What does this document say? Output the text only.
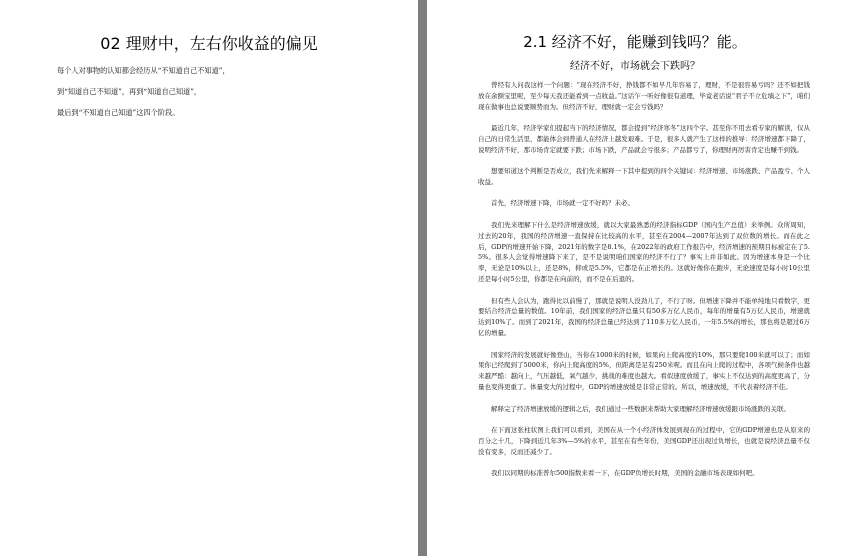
02 理财中，左右你收益的偏见
每个人对事物的认知都会经历从“不知道自己不知道”，
到“知道自己不知道”，再到“知道自己知道”，
最后到“不知道自己知道”这四个阶段。
2.1 经济不好，能赚到钱吗？能。
经济不好，市场就会下跌吗？

曾经有人问我这样一个问题：“现在经济不好，挣钱都不如早几年容易了，理财，不是很容易亏吗？还不如把钱放在余额宝里呢，至少每天我还能看到一点收益。”这话乍一听好像很有道理，毕竟老话说“君子不立危墙之下”，咱们现在做事也总说要顺势而为。但经济不好，理财就一定会亏钱吗？

最近几年，经济学家们提起当下的经济情况，都会提到“经济寒冬”这四个字。甚至你不用去看专家的解读，仅从自己的日常生活里，都能体会到普通人在经济上越发艰难。于是，很多人就产生了这样的推导：经济增速都下降了，说明经济不好，那市场肯定就要下跌；市场下跌，产品就会亏很多；产品都亏了，你理财再厉害肯定也赚不到钱。

想要知道这个判断是否成立，我们先来解释一下其中提到的四个关键词：经济增速、市场涨跌、产品盈亏、个人收益。

首先，经济增速下降，市场就一定不好吗？未必。

我们先来理解下什么是经济增速放缓，就以大家最熟悉的经济指标GDP（国内生产总值）来举例。众所周知，过去的20年，我国的经济增速一直保持在比较高的水平，甚至在2004—2007年达到了双位数的增长。而在此之后，GDP的增速开始下降，2021年的数字是8.1%，在2022年的政府工作报告中，经济增速的预期目标被定在了5.5%。很多人会觉得增速降下来了，是不是说明咱们国家的经济不行了？事实上并非如此。因为增速本身是一个比率，无论是10%以上，还是8%，抑或是5.5%，它都是在正增长的。这就好像你在跑步，无论速度是每小时10公里还是每小时5公里，你都是在向前的，而不是在后退的。

但有些人会认为，跑得比以前慢了，那就是说明人没劲儿了，不行了呀。但增速下降并不能单纯地只看数字，更要结合经济总量的数值。10年前，我们国家的经济总量只有50多万亿人民币，每年的增量有5万亿人民币，增速就达到10%了。而到了2021年，我国的经济总量已经达到了110多万亿人民币，一年5.5%的增长，那也将是超过6万亿的增量。

国家经济的发展就好像登山，当你在1000米的时候，如果向上爬高度的10%，那只要爬100米就可以了；而如果你已经爬到了5000米，你向上爬高度的5%，但距离是足有250米呢。而且在向上爬的过程中，各项气候条件也越来越严酷：越向上，气压越低，氧气越少，挑战的难度也越大。看似速度放缓了，事实上不仅达到的高度更高了，分量也变得更重了。体量变大的过程中，GDP的增速放缓是非常正常的。所以，增速放缓，不代表着经济不佳。

解释完了经济增速放缓的逻辑之后，我们通过一些数据来帮助大家理解经济增速放缓跟市场涨跌的关联。

在下面这张柱状图上我们可以看到，美国在从一个小经济体发展到现在的过程中，它的GDP增速也是从原来的百分之十几，下降到近几年3%—5%的水平，甚至在有些年份，美国GDP还出现过负增长，也就是说经济总量不仅没有变多，反而还减少了。

我们以同期的标准普尔500指数来看一下，在GDP负增长时期，美国的金融市场表现如何吧。
